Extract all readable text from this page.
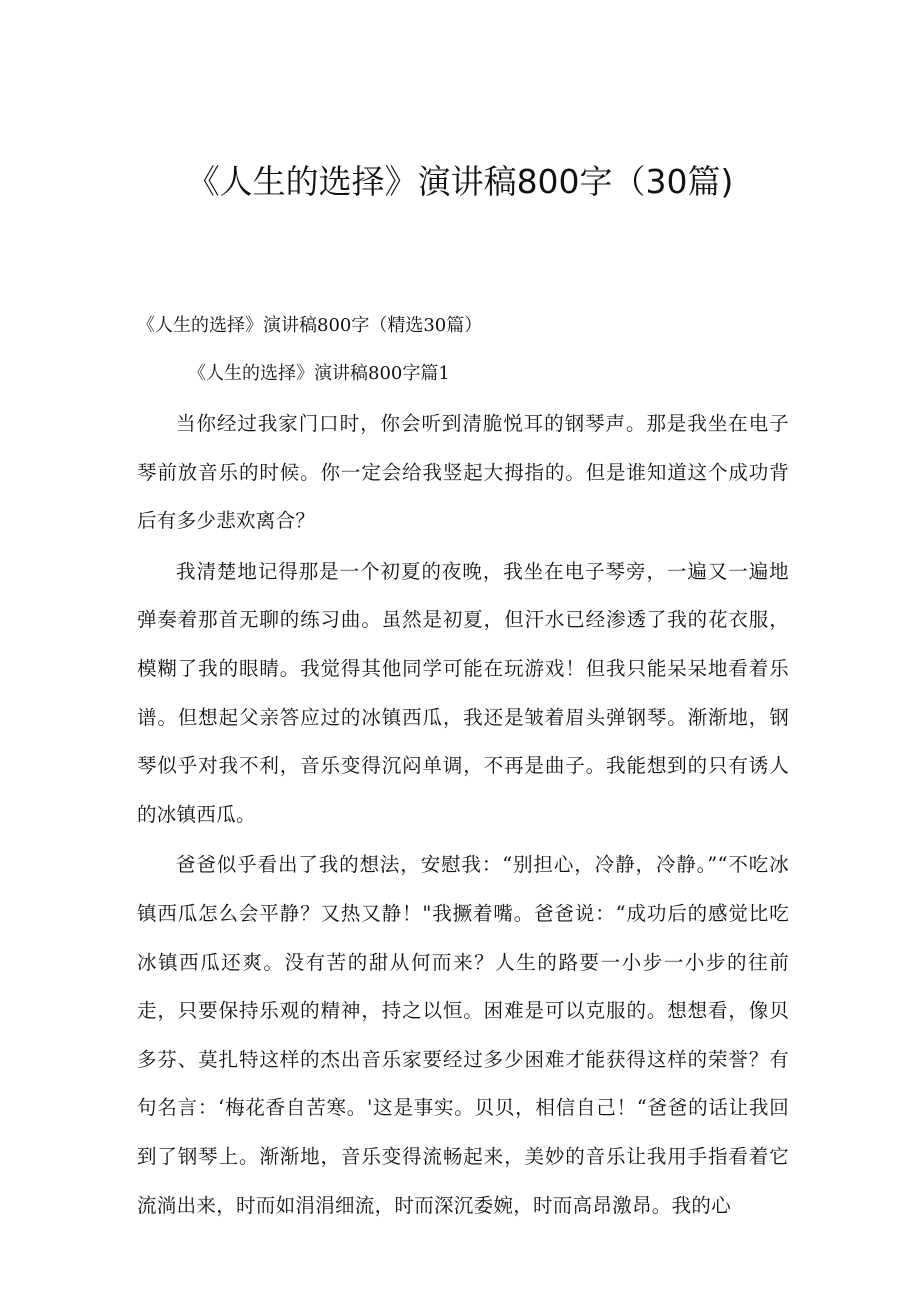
《人生的选择》演讲稿800字（30篇)

《人生的选择》演讲稿800字（精选30篇）

《人生的选择》演讲稿800字篇1

当你经过我家门口时，你会听到清脆悦耳的钢琴声。那是我坐在电子琴前放音乐的时候。你一定会给我竖起大拇指的。但是谁知道这个成功背后有多少悲欢离合？

我清楚地记得那是一个初夏的夜晚，我坐在电子琴旁，一遍又一遍地弹奏着那首无聊的练习曲。虽然是初夏，但汗水已经渗透了我的花衣服，模糊了我的眼睛。我觉得其他同学可能在玩游戏！但我只能呆呆地看着乐谱。但想起父亲答应过的冰镇西瓜，我还是皱着眉头弹钢琴。渐渐地，钢琴似乎对我不利，音乐变得沉闷单调，不再是曲子。我能想到的只有诱人的冰镇西瓜。

爸爸似乎看出了我的想法，安慰我：“别担心，冷静，冷静。”“不吃冰镇西瓜怎么会平静？又热又静！"我撅着嘴。爸爸说：“成功后的感觉比吃冰镇西瓜还爽。没有苦的甜从何而来？人生的路要一小步一小步的往前走，只要保持乐观的精神，持之以恒。困难是可以克服的。想想看，像贝多芬、莫扎特这样的杰出音乐家要经过多少困难才能获得这样的荣誉？有句名言：‘梅花香自苦寒。'这是事实。贝贝，相信自己！“爸爸的话让我回到了钢琴上。渐渐地，音乐变得流畅起来，美妙的音乐让我用手指看着它流淌出来，时而如涓涓细流，时而深沉委婉，时而高昂激昂。我的心
